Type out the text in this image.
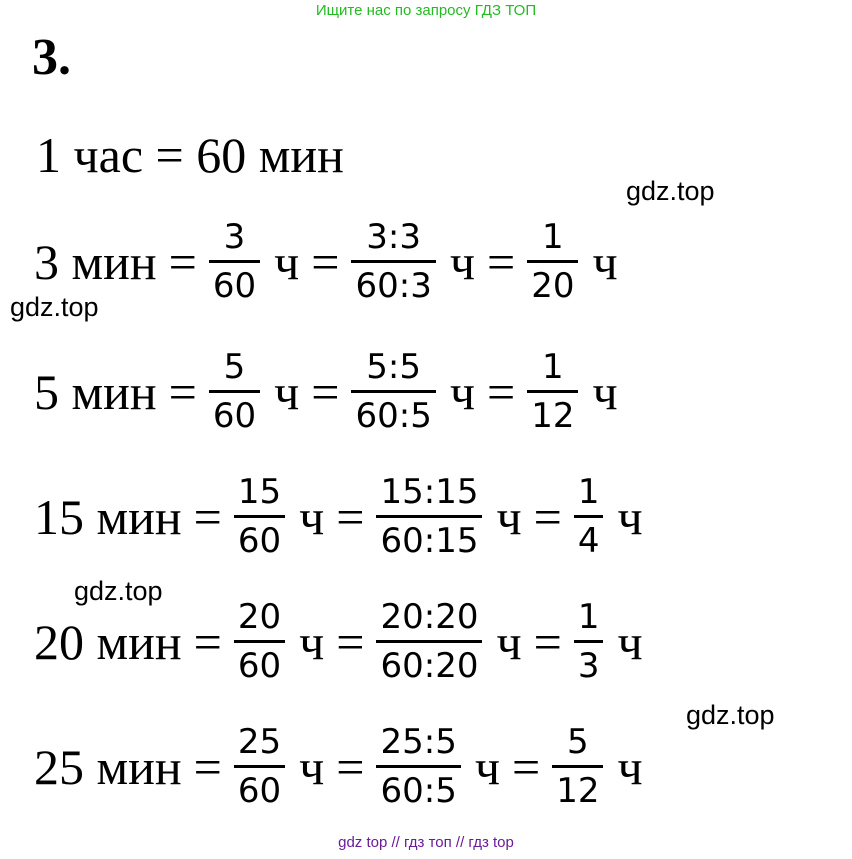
Ищите нас по запросу ГДЗ ТОП
3.
1 час = 60 мин
gdz.top
gdz.top
gdz.top
gdz.top
3 мин = $\frac{3}{60}$ $ч = \frac{3:3}{60:3}$ $ч = \frac{1}{20}$ ч
5 мин = $\frac{5}{60}$ $ч = \frac{5:5}{60:5}$ $ч = \frac{1}{12}$ ч
15 мин = $\frac{15}{60}$ $ч = \frac{15:15}{60:15}$ $ч = \frac{1}{4}$ ч
20 мин = $\frac{20}{60}$ $ч = \frac{20:20}{60:20}$ $ч = \frac{1}{3}$ ч
25 мин = $\frac{25}{60}$ $ч = \frac{25:5}{60:5}$ $ч = \frac{5}{12}$ ч
gdz top // гдз топ // гдз top
